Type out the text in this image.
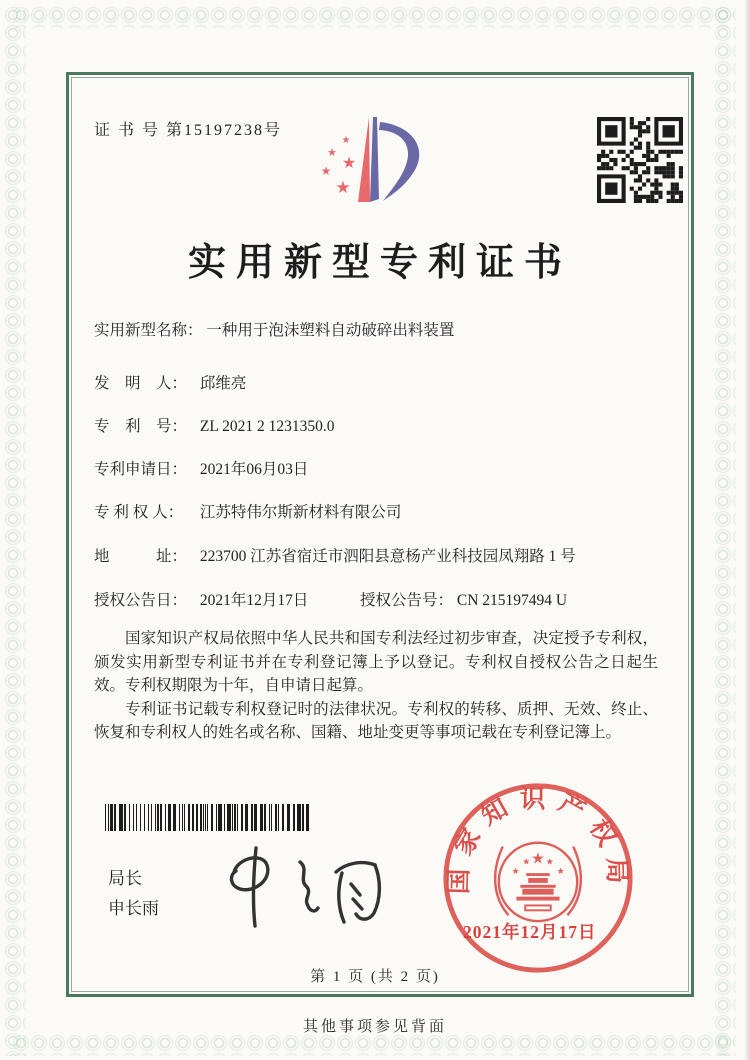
证 书 号 第15197238号
★
★
★
★
★
实用新型专利证书
实用新型名称： 一种用于泡沫塑料自动破碎出料装置
发　明　人： 邱维亮
专　利　号： ZL 2021 2 1231350.0
专利申请日： 2021年06月03日
专 利 权 人： 江苏特伟尔斯新材料有限公司
地　　　址： 223700 江苏省宿迁市泗阳县意杨产业科技园凤翔路 1 号
授权公告日： 2021年12月17日	授权公告号： CN 215197494 U

国家知识产权局依照中华人民共和国专利法经过初步审查，决定授予专利权，颁发实用新型专利证书并在专利登记簿上予以登记。专利权自授权公告之日起生效。专利权期限为十年，自申请日起算。

专利证书记载专利权登记时的法律状况。专利权的转移、质押、无效、终止、恢复和专利权人的姓名或名称、国籍、地址变更等事项记载在专利登记簿上。

局长
申长雨
国家知识产权局
★
★
★ ★
★
2021年12月17日
第 1 页 (共 2 页)
其他事项参见背面
